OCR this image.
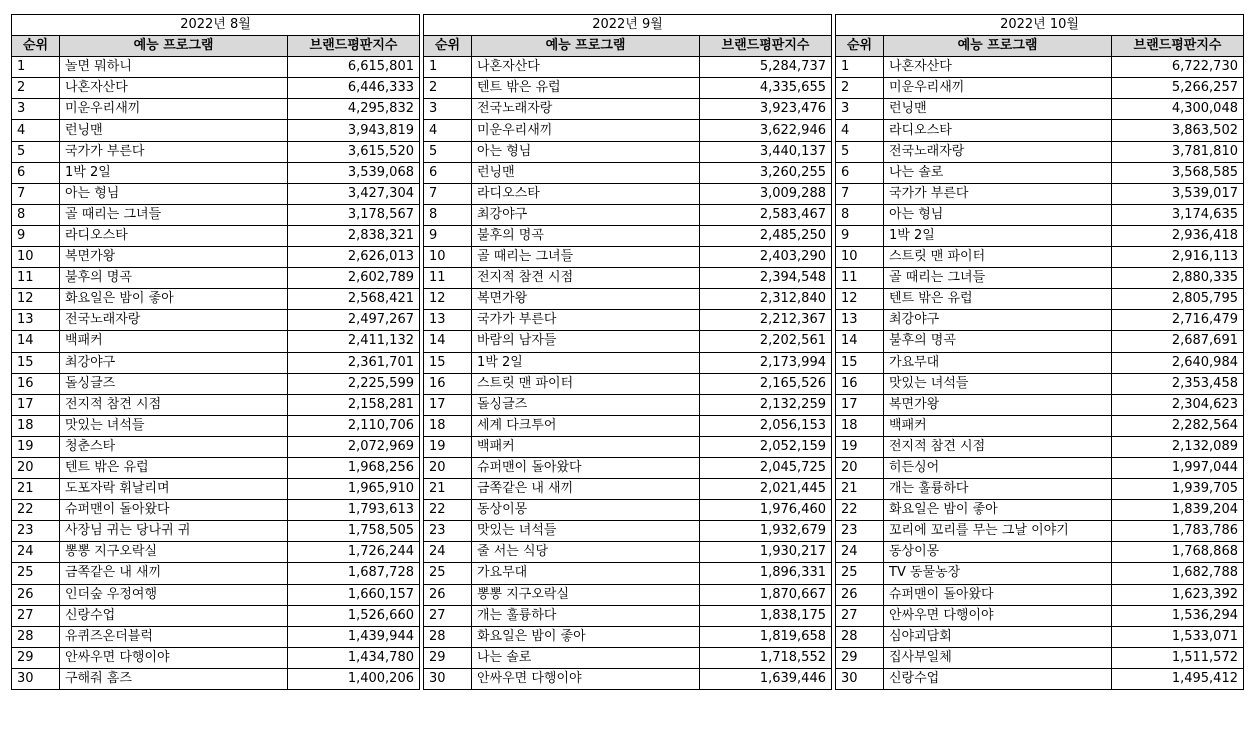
2022년 8월		
순위	예능 프로그램	브랜드평판지수
1	놀면 뭐하니	6,615,801
2	나혼자산다	6,446,333
3	미운우리새끼	4,295,832
4	런닝맨	3,943,819
5	국가가 부른다	3,615,520
6	1박 2일	3,539,068
7	아는 형님	3,427,304
8	골 때리는 그녀들	3,178,567
9	라디오스타	2,838,321
10	복면가왕	2,626,013
11	불후의 명곡	2,602,789
12	화요일은 밤이 좋아	2,568,421
13	전국노래자랑	2,497,267
14	백패커	2,411,132
15	최강야구	2,361,701
16	돌싱글즈	2,225,599
17	전지적 참견 시점	2,158,281
18	맛있는 녀석들	2,110,706
19	청춘스타	2,072,969
20	텐트 밖은 유럽	1,968,256
21	도포자락 휘날리며	1,965,910
22	슈퍼맨이 돌아왔다	1,793,613
23	사장님 귀는 당나귀 귀	1,758,505
24	뽕뽕 지구오락실	1,726,244
25	금쪽같은 내 새끼	1,687,728
26	인더숲 우정여행	1,660,157
27	신랑수업	1,526,660
28	유퀴즈온더블럭	1,439,944
29	안싸우면 다행이야	1,434,780
30	구해줘 홈즈	1,400,206
2022년 9월		
순위	예능 프로그램	브랜드평판지수
1	나혼자산다	5,284,737
2	텐트 밖은 유럽	4,335,655
3	전국노래자랑	3,923,476
4	미운우리새끼	3,622,946
5	아는 형님	3,440,137
6	런닝맨	3,260,255
7	라디오스타	3,009,288
8	최강야구	2,583,467
9	불후의 명곡	2,485,250
10	골 때리는 그녀들	2,403,290
11	전지적 참견 시점	2,394,548
12	복면가왕	2,312,840
13	국가가 부른다	2,212,367
14	바람의 남자들	2,202,561
15	1박 2일	2,173,994
16	스트릿 맨 파이터	2,165,526
17	돌싱글즈	2,132,259
18	세계 다크투어	2,056,153
19	백패커	2,052,159
20	슈퍼맨이 돌아왔다	2,045,725
21	금쪽같은 내 새끼	2,021,445
22	동상이몽	1,976,460
23	맛있는 녀석들	1,932,679
24	줄 서는 식당	1,930,217
25	가요무대	1,896,331
26	뽕뽕 지구오락실	1,870,667
27	개는 훌륭하다	1,838,175
28	화요일은 밤이 좋아	1,819,658
29	나는 솔로	1,718,552
30	안싸우면 다행이야	1,639,446
2022년 10월		
순위	예능 프로그램	브랜드평판지수
1	나혼자산다	6,722,730
2	미운우리새끼	5,266,257
3	런닝맨	4,300,048
4	라디오스타	3,863,502
5	전국노래자랑	3,781,810
6	나는 솔로	3,568,585
7	국가가 부른다	3,539,017
8	아는 형님	3,174,635
9	1박 2일	2,936,418
10	스트릿 맨 파이터	2,916,113
11	골 때리는 그녀들	2,880,335
12	텐트 밖은 유럽	2,805,795
13	최강야구	2,716,479
14	불후의 명곡	2,687,691
15	가요무대	2,640,984
16	맛있는 녀석들	2,353,458
17	복면가왕	2,304,623
18	백패커	2,282,564
19	전지적 참견 시점	2,132,089
20	히든싱어	1,997,044
21	개는 훌륭하다	1,939,705
22	화요일은 밤이 좋아	1,839,204
23	꼬리에 꼬리를 무는 그날 이야기	1,783,786
24	동상이몽	1,768,868
25	TV 동물농장	1,682,788
26	슈퍼맨이 돌아왔다	1,623,392
27	안싸우면 다행이야	1,536,294
28	심야괴담회	1,533,071
29	집사부일체	1,511,572
30	신랑수업	1,495,412
